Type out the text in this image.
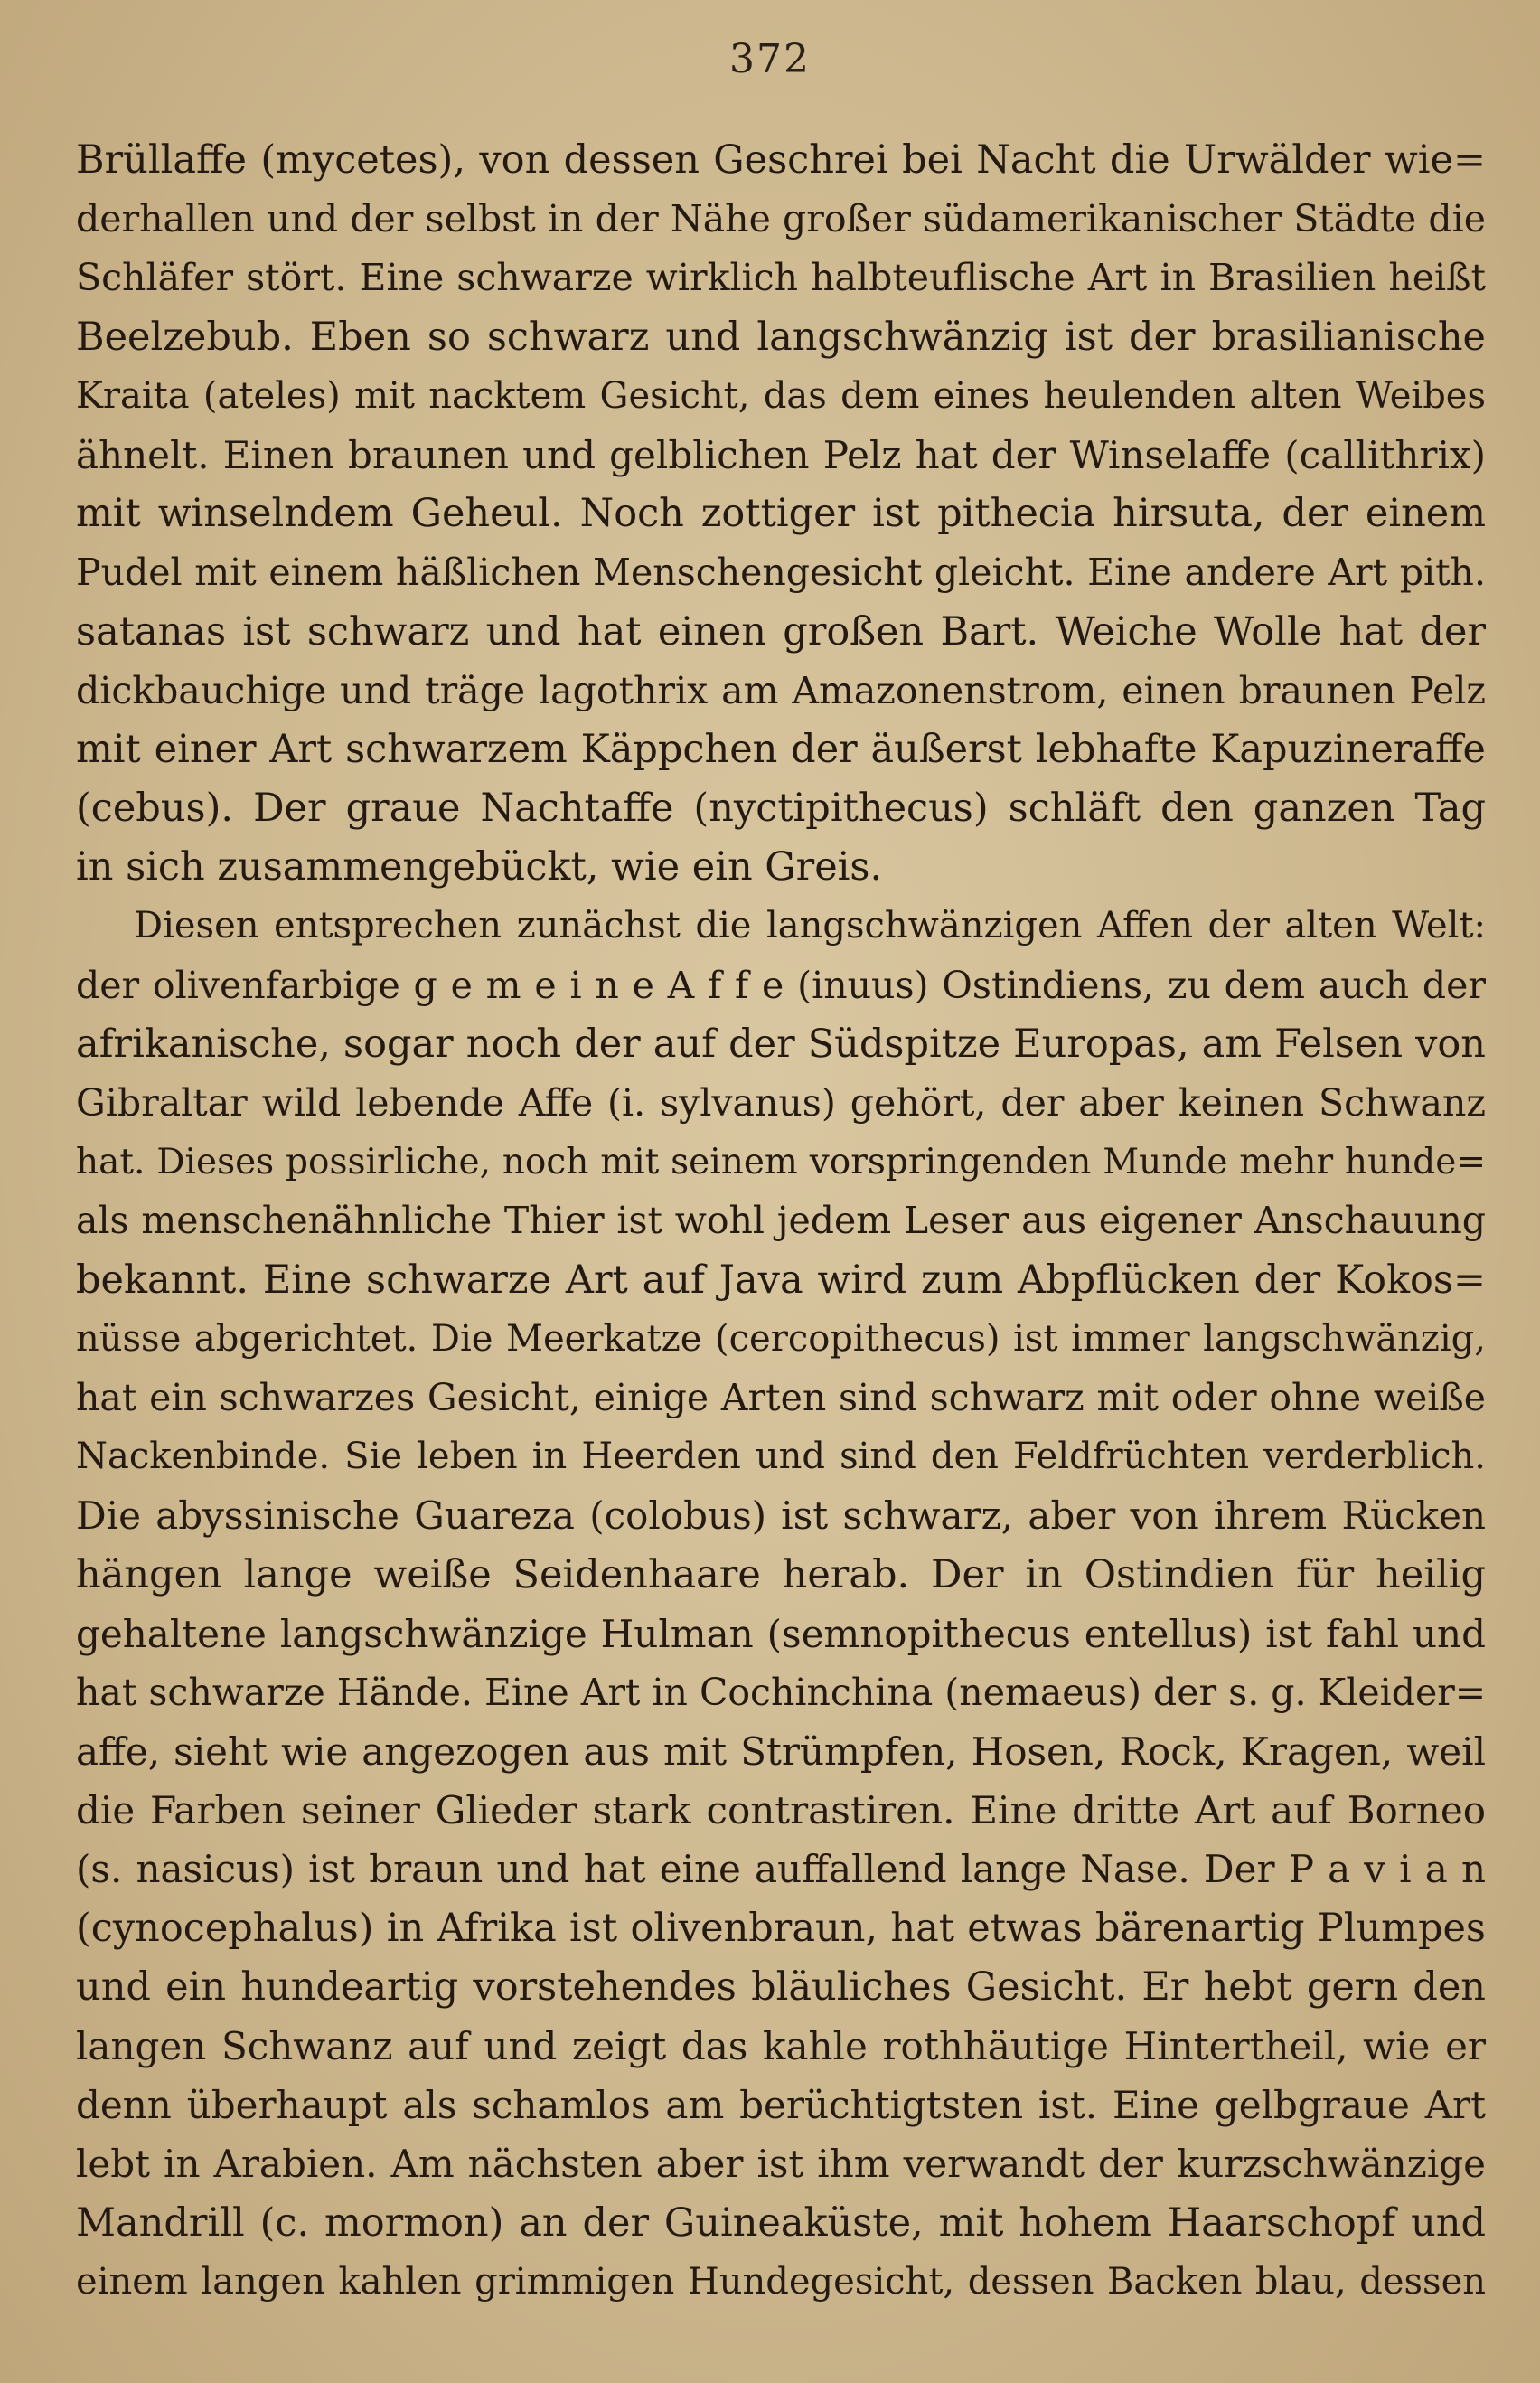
372
Brüllaffe (mycetes), von dessen Geschrei bei Nacht die Urwälder wie=
derhallen und der selbst in der Nähe großer südamerikanischer Städte die
Schläfer stört. Eine schwarze wirklich halbteuflische Art in Brasilien heißt
Beelzebub. Eben so schwarz und langschwänzig ist der brasilianische
Kraita (ateles) mit nacktem Gesicht, das dem eines heulenden alten Weibes
ähnelt. Einen braunen und gelblichen Pelz hat der Winselaffe (callithrix)
mit winselndem Geheul. Noch zottiger ist pithecia hirsuta, der einem
Pudel mit einem häßlichen Menschengesicht gleicht. Eine andere Art pith.
satanas ist schwarz und hat einen großen Bart. Weiche Wolle hat der
dickbauchige und träge lagothrix am Amazonenstrom, einen braunen Pelz
mit einer Art schwarzem Käppchen der äußerst lebhafte Kapuzineraffe
(cebus). Der graue Nachtaffe (nyctipithecus) schläft den ganzen Tag
in sich zusammengebückt, wie ein Greis.
Diesen entsprechen zunächst die langschwänzigen Affen der alten Welt:
der olivenfarbige g e m e i n e A f f e (inuus) Ostindiens, zu dem auch der
afrikanische, sogar noch der auf der Südspitze Europas, am Felsen von
Gibraltar wild lebende Affe (i. sylvanus) gehört, der aber keinen Schwanz
hat. Dieses possirliche, noch mit seinem vorspringenden Munde mehr hunde=
als menschenähnliche Thier ist wohl jedem Leser aus eigener Anschauung
bekannt. Eine schwarze Art auf Java wird zum Abpflücken der Kokos=
nüsse abgerichtet. Die Meerkatze (cercopithecus) ist immer langschwänzig,
hat ein schwarzes Gesicht, einige Arten sind schwarz mit oder ohne weiße
Nackenbinde. Sie leben in Heerden und sind den Feldfrüchten verderblich.
Die abyssinische Guareza (colobus) ist schwarz, aber von ihrem Rücken
hängen lange weiße Seidenhaare herab. Der in Ostindien für heilig
gehaltene langschwänzige Hulman (semnopithecus entellus) ist fahl und
hat schwarze Hände. Eine Art in Cochinchina (nemaeus) der s. g. Kleider=
affe, sieht wie angezogen aus mit Strümpfen, Hosen, Rock, Kragen, weil
die Farben seiner Glieder stark contrastiren. Eine dritte Art auf Borneo
(s. nasicus) ist braun und hat eine auffallend lange Nase. Der P a v i a n
(cynocephalus) in Afrika ist olivenbraun, hat etwas bärenartig Plumpes
und ein hundeartig vorstehendes bläuliches Gesicht. Er hebt gern den
langen Schwanz auf und zeigt das kahle rothhäutige Hintertheil, wie er
denn überhaupt als schamlos am berüchtigtsten ist. Eine gelbgraue Art
lebt in Arabien. Am nächsten aber ist ihm verwandt der kurzschwänzige
Mandrill (c. mormon) an der Guineaküste, mit hohem Haarschopf und
einem langen kahlen grimmigen Hundegesicht, dessen Backen blau, dessen
